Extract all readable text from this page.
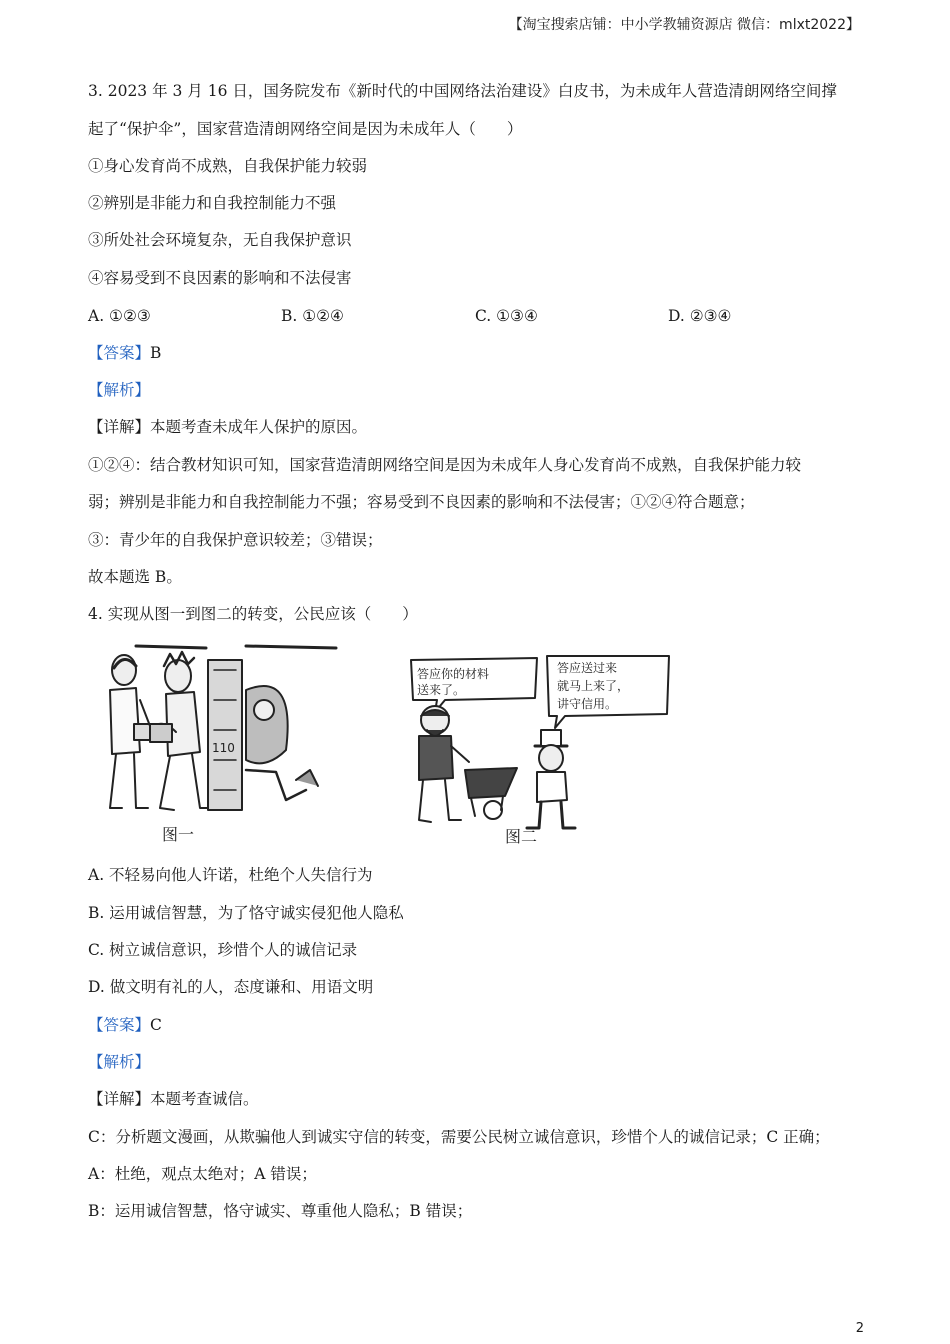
【淘宝搜索店铺：中小学教辅资源店 微信：mlxt2022】
3. 2023 年 3 月 16 日，国务院发布《新时代的中国网络法治建设》白皮书，为未成年人营造清朗网络空间撑
起了“保护伞”，国家营造清朗网络空间是因为未成年人（　　）
①身心发育尚不成熟，自我保护能力较弱
②辨别是非能力和自我控制能力不强
③所处社会环境复杂，无自我保护意识
④容易受到不良因素的影响和不法侵害
A. ①②③	B. ①②④	C. ①③④	D. ②③④
【答案】B
【解析】
【详解】本题考查未成年人保护的原因。
①②④：结合教材知识可知，国家营造清朗网络空间是因为未成年人身心发育尚不成熟，自我保护能力较
弱；辨别是非能力和自我控制能力不强；容易受到不良因素的影响和不法侵害；①②④符合题意；
③：青少年的自我保护意识较差；③错误；
故本题选 B。
4. 实现从图一到图二的转变，公民应该（　　）
110
图一
答应你的材料
送来了。
答应送过来
就马上来了，
讲守信用。
图二
A. 不轻易向他人许诺，杜绝个人失信行为
B. 运用诚信智慧，为了恪守诚实侵犯他人隐私
C. 树立诚信意识，珍惜个人的诚信记录
D. 做文明有礼的人，态度谦和、用语文明
【答案】C
【解析】
【详解】本题考查诚信。
C：分析题文漫画，从欺骗他人到诚实守信的转变，需要公民树立诚信意识，珍惜个人的诚信记录；C 正确；
A：杜绝，观点太绝对；A 错误；
B：运用诚信智慧，恪守诚实、尊重他人隐私；B 错误；
2
